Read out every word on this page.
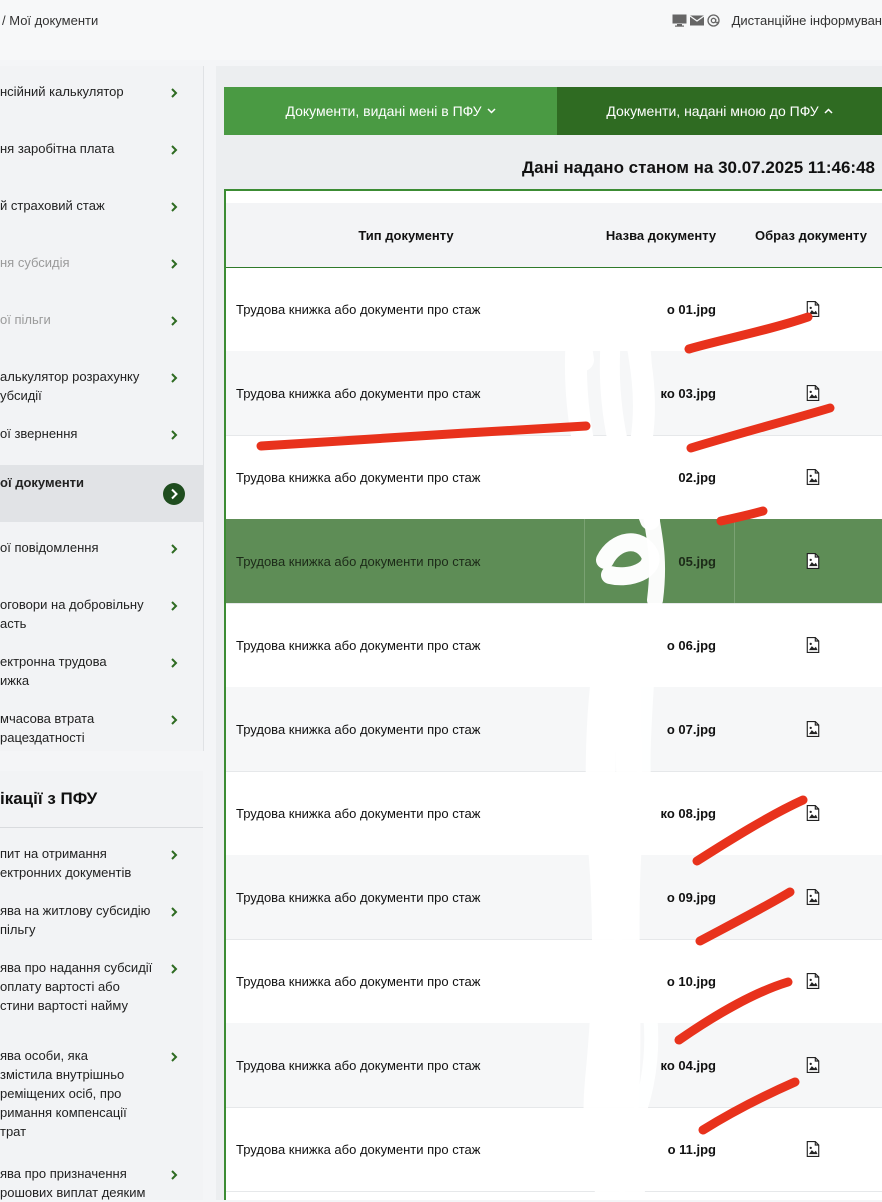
/ Мої документи	Дистанційне інформуван
нсійний калькулятор
ня заробітна плата
й страховий стаж
ня субсидія
ої пільги
алькулятор розрахунку
убсидії
ої звернення
ої документи
ої повідомлення
оговори на добровільну
асть
ектронна трудова
ижка
мчасова втрата
рацездатності
ікації з ПФУ
пит на отримання
ектронних документів
ява на житлову субсидію
пільгу
ява про надання субсидії
оплату вартості або
стини вартості найму
ява особи, яка
змістила внутрішньо
реміщених осіб, про
римання компенсації
трат
ява про призначення
рошових виплат деяким
Документи, видані мені в ПФУ	Документи, надані мною до ПФУ
Дані надано станом на 30.07.2025 11:46:48
Тип документу	Назва документу	Образ документу
Трудова книжка або документи про стаж	о 01.jpg
Трудова книжка або документи про стаж	ко 03.jpg
Трудова книжка або документи про стаж	02.jpg
Трудова книжка або документи про стаж	05.jpg
Трудова книжка або документи про стаж	о 06.jpg
Трудова книжка або документи про стаж	о 07.jpg
Трудова книжка або документи про стаж	ко 08.jpg
Трудова книжка або документи про стаж	о 09.jpg
Трудова книжка або документи про стаж	о 10.jpg
Трудова книжка або документи про стаж	ко 04.jpg
Трудова книжка або документи про стаж	о 11.jpg
